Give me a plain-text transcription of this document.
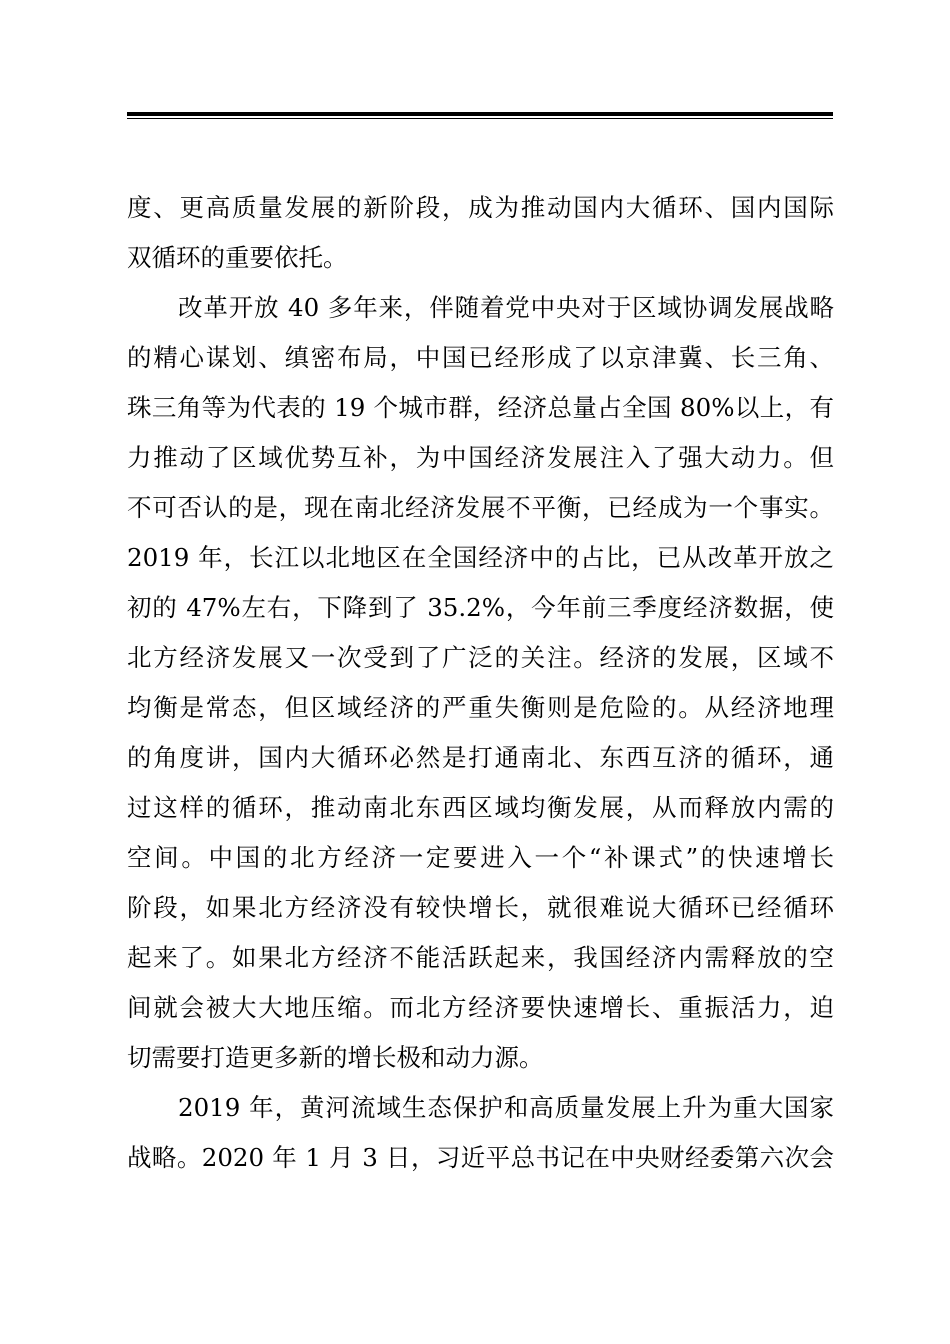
度、更高质量发展的新阶段，成为推动国内大循环、国内国际
双循环的重要依托。
改革开放 40 多年来，伴随着党中央对于区域协调发展战略
的精心谋划、缜密布局，中国已经形成了以京津冀、长三角、
珠三角等为代表的 19 个城市群，经济总量占全国 80%以上，有
力推动了区域优势互补，为中国经济发展注入了强大动力。但
不可否认的是，现在南北经济发展不平衡，已经成为一个事实。
2019 年，长江以北地区在全国经济中的占比，已从改革开放之
初的 47%左右，下降到了 35.2%，今年前三季度经济数据，使
北方经济发展又一次受到了广泛的关注。经济的发展，区域不
均衡是常态，但区域经济的严重失衡则是危险的。从经济地理
的角度讲，国内大循环必然是打通南北、东西互济的循环，通
过这样的循环，推动南北东西区域均衡发展，从而释放内需的
空间。中国的北方经济一定要进入一个“补课式”的快速增长
阶段，如果北方经济没有较快增长，就很难说大循环已经循环
起来了。如果北方经济不能活跃起来，我国经济内需释放的空
间就会被大大地压缩。而北方经济要快速增长、重振活力，迫
切需要打造更多新的增长极和动力源。
2019 年，黄河流域生态保护和高质量发展上升为重大国家
战略。2020 年 1 月 3 日，习近平总书记在中央财经委第六次会
